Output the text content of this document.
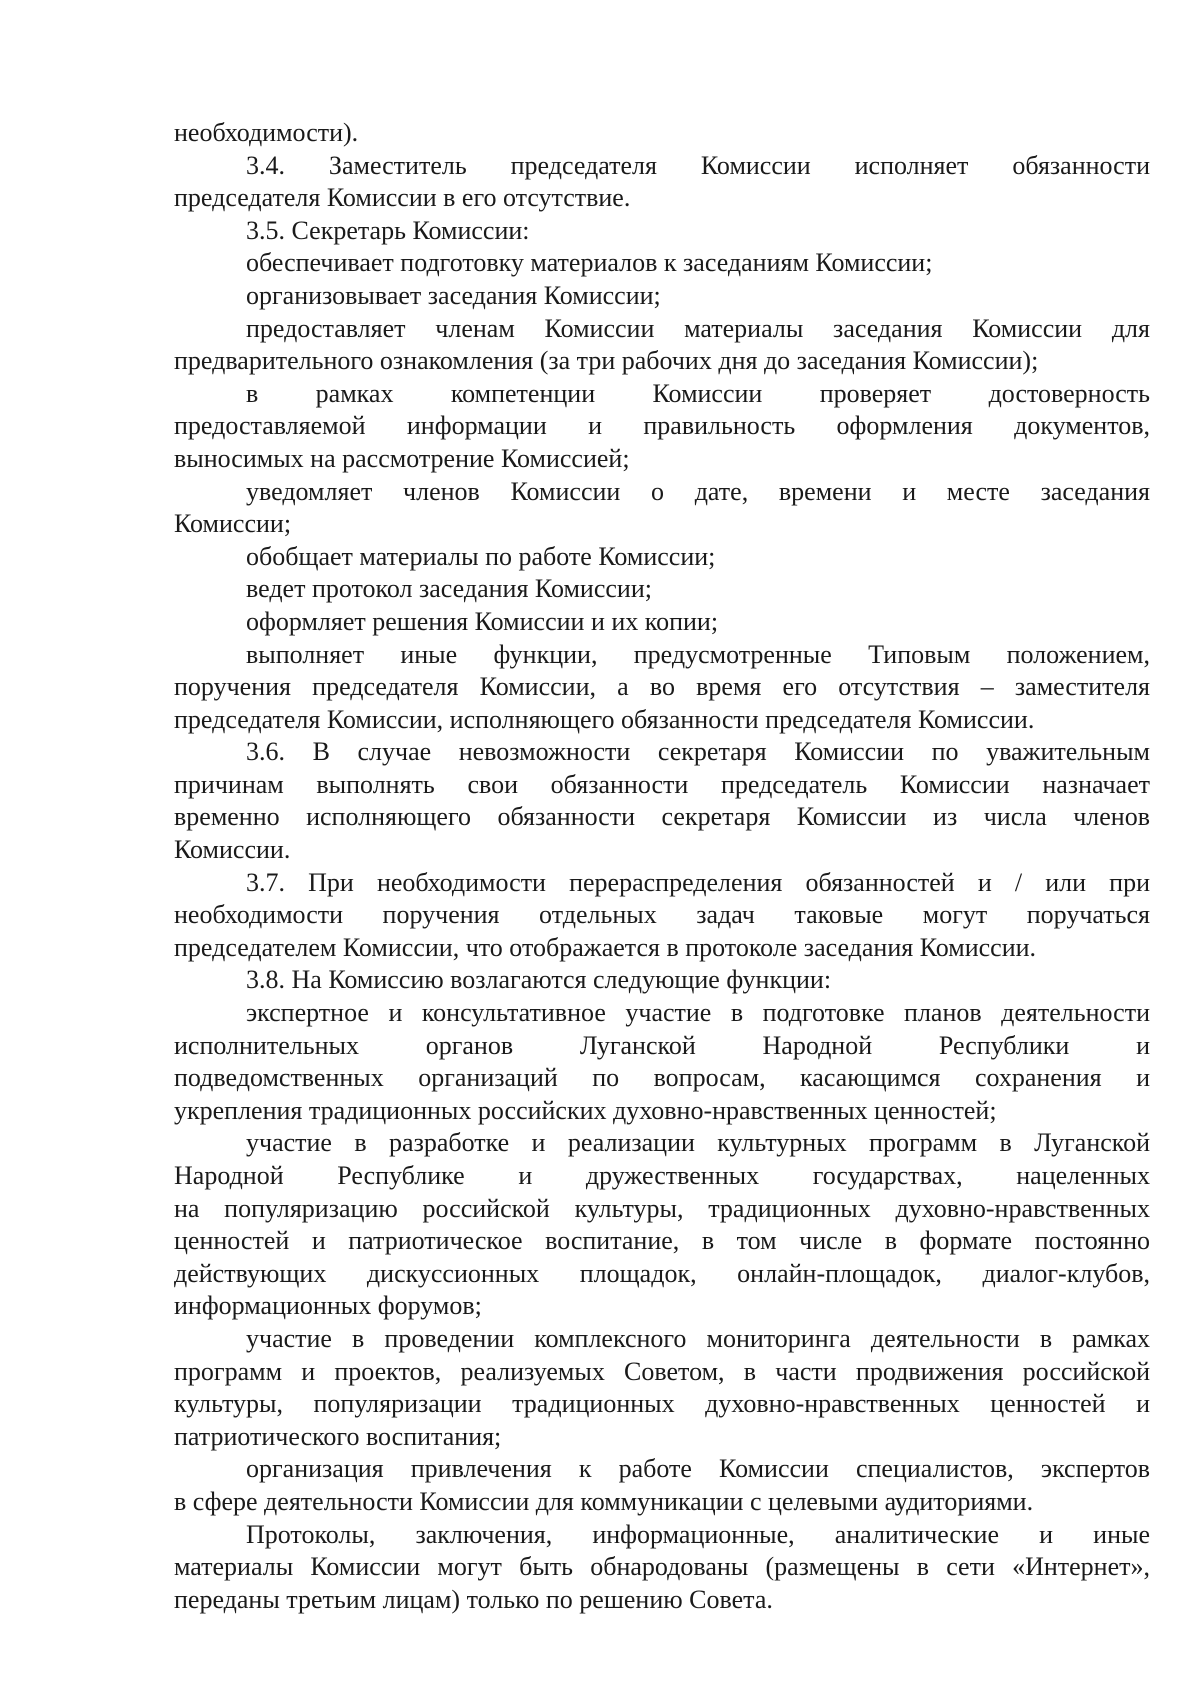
необходимости).
3.4. Заместитель председателя Комиссии исполняет обязанности
председателя Комиссии в его отсутствие.
3.5. Секретарь Комиссии:
обеспечивает подготовку материалов к заседаниям Комиссии;
организовывает заседания Комиссии;
предоставляет членам Комиссии материалы заседания Комиссии для
предварительного ознакомления (за три рабочих дня до заседания Комиссии);
в рамках компетенции Комиссии проверяет достоверность
предоставляемой информации и правильность оформления документов,
выносимых на рассмотрение Комиссией;
уведомляет членов Комиссии о дате, времени и месте заседания
Комиссии;
обобщает материалы по работе Комиссии;
ведет протокол заседания Комиссии;
оформляет решения Комиссии и их копии;
выполняет иные функции, предусмотренные Типовым положением,
поручения председателя Комиссии, а во время его отсутствия – заместителя
председателя Комиссии, исполняющего обязанности председателя Комиссии.
3.6. В случае невозможности секретаря Комиссии по уважительным
причинам выполнять свои обязанности председатель Комиссии назначает
временно исполняющего обязанности секретаря Комиссии из числа членов
Комиссии.
3.7. При необходимости перераспределения обязанностей и / или при
необходимости поручения отдельных задач таковые могут поручаться
председателем Комиссии, что отображается в протоколе заседания Комиссии.
3.8. На Комиссию возлагаются следующие функции:
экспертное и консультативное участие в подготовке планов деятельности
исполнительных органов Луганской Народной Республики и
подведомственных организаций по вопросам, касающимся сохранения и
укрепления традиционных российских духовно-нравственных ценностей;
участие в разработке и реализации культурных программ в Луганской
Народной Республике и дружественных государствах, нацеленных
на популяризацию российской культуры, традиционных духовно-нравственных
ценностей и патриотическое воспитание, в том числе в формате постоянно
действующих дискуссионных площадок, онлайн-площадок, диалог-клубов,
информационных форумов;
участие в проведении комплексного мониторинга деятельности в рамках
программ и проектов, реализуемых Советом, в части продвижения российской
культуры, популяризации традиционных духовно-нравственных ценностей и
патриотического воспитания;
организация привлечения к работе Комиссии специалистов, экспертов
в сфере деятельности Комиссии для коммуникации с целевыми аудиториями.
Протоколы, заключения, информационные, аналитические и иные
материалы Комиссии могут быть обнародованы (размещены в сети «Интернет»,
переданы третьим лицам) только по решению Совета.
